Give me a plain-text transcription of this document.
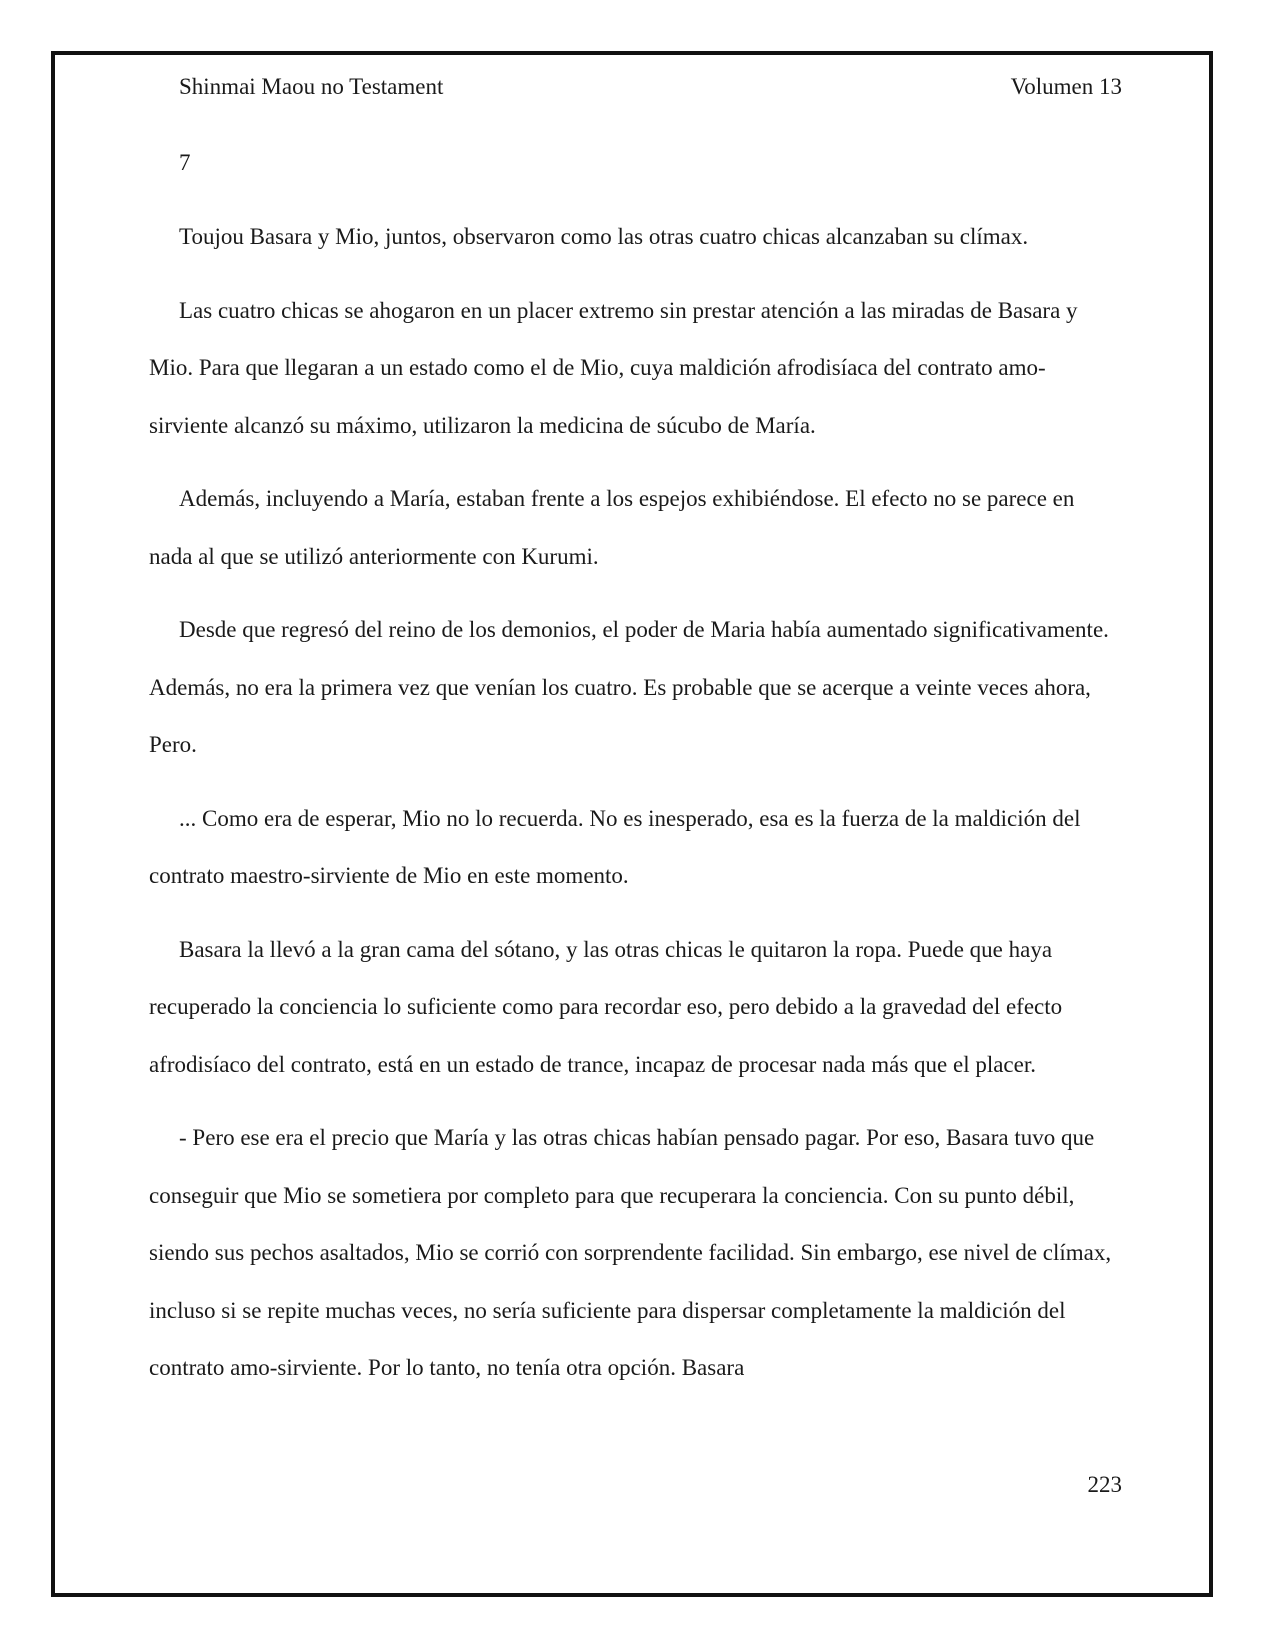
Shinmai Maou no Testament	Volumen 13
7

Toujou Basara y Mio, juntos, observaron como las otras cuatro chicas alcanzaban su clímax.

Las cuatro chicas se ahogaron en un placer extremo sin prestar atención a las miradas de Basara y Mio. Para que llegaran a un estado como el de Mio, cuya maldición afrodisíaca del contrato amo-sirviente alcanzó su máximo, utilizaron la medicina de súcubo de María.

Además, incluyendo a María, estaban frente a los espejos exhibiéndose. El efecto no se parece en nada al que se utilizó anteriormente con Kurumi.

Desde que regresó del reino de los demonios, el poder de Maria había aumentado significativamente. Además, no era la primera vez que venían los cuatro. Es probable que se acerque a veinte veces ahora, Pero.

... Como era de esperar, Mio no lo recuerda. No es inesperado, esa es la fuerza de la maldición del contrato maestro-sirviente de Mio en este momento.

Basara la llevó a la gran cama del sótano, y las otras chicas le quitaron la ropa. Puede que haya recuperado la conciencia lo suficiente como para recordar eso, pero debido a la gravedad del efecto afrodisíaco del contrato, está en un estado de trance, incapaz de procesar nada más que el placer.

- Pero ese era el precio que María y las otras chicas habían pensado pagar. Por eso, Basara tuvo que conseguir que Mio se sometiera por completo para que recuperara la conciencia. Con su punto débil, siendo sus pechos asaltados, Mio se corrió con sorprendente facilidad. Sin embargo, ese nivel de clímax, incluso si se repite muchas veces, no sería suficiente para dispersar completamente la maldición del contrato amo-sirviente. Por lo tanto, no tenía otra opción. Basara

223
